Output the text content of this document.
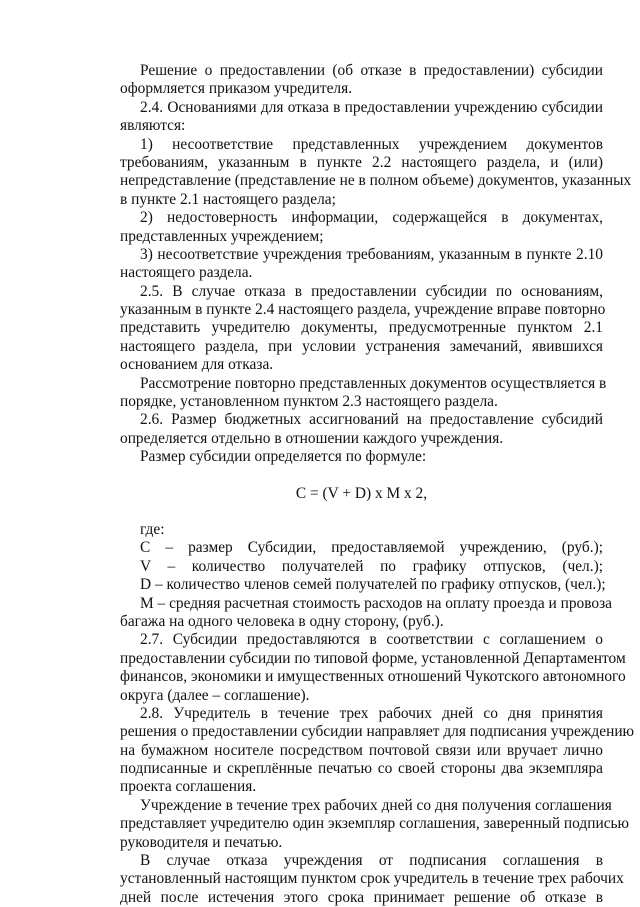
Решение о предоставлении (об отказе в предоставлении) субсидии
оформляется приказом учредителя.
2.4. Основаниями для отказа в предоставлении учреждению субсидии
являются:
1) несоответствие представленных учреждением документов
требованиям, указанным в пункте 2.2 настоящего раздела, и (или)
непредставление (представление не в полном объеме) документов, указанных
в пункте 2.1 настоящего раздела;
2) недостоверность информации, содержащейся в документах,
представленных учреждением;
3) несоответствие учреждения требованиям, указанным в пункте 2.10
настоящего раздела.
2.5. В случае отказа в предоставлении субсидии по основаниям,
указанным в пункте 2.4 настоящего раздела, учреждение вправе повторно
представить учредителю документы, предусмотренные пунктом 2.1
настоящего раздела, при условии устранения замечаний, явившихся
основанием для отказа.
Рассмотрение повторно представленных документов осуществляется в
порядке, установленном пунктом 2.3 настоящего раздела.
2.6. Размер бюджетных ассигнований на предоставление субсидий
определяется отдельно в отношении каждого учреждения.
Размер субсидии определяется по формуле:
C = (V + D) x M x 2,
где:
C – размер Субсидии, предоставляемой учреждению, (руб.);
V – количество получателей по графику отпусков, (чел.);
D – количество членов семей получателей по графику отпусков, (чел.);
M – средняя расчетная стоимость расходов на оплату проезда и провоза
багажа на одного человека в одну сторону, (руб.).
2.7. Субсидии предоставляются в соответствии с соглашением о
предоставлении субсидии по типовой форме, установленной Департаментом
финансов, экономики и имущественных отношений Чукотского автономного
округа (далее – соглашение).
2.8. Учредитель в течение трех рабочих дней со дня принятия
решения о предоставлении субсидии направляет для подписания учреждению
на бумажном носителе посредством почтовой связи или вручает лично
подписанные и скреплённые печатью со своей стороны два экземпляра
проекта соглашения.
Учреждение в течение трех рабочих дней со дня получения соглашения
представляет учредителю один экземпляр соглашения, заверенный подписью
руководителя и печатью.
В случае отказа учреждения от подписания соглашения в
установленный настоящим пунктом срок учредитель в течение трех рабочих
дней после истечения этого срока принимает решение об отказе в
